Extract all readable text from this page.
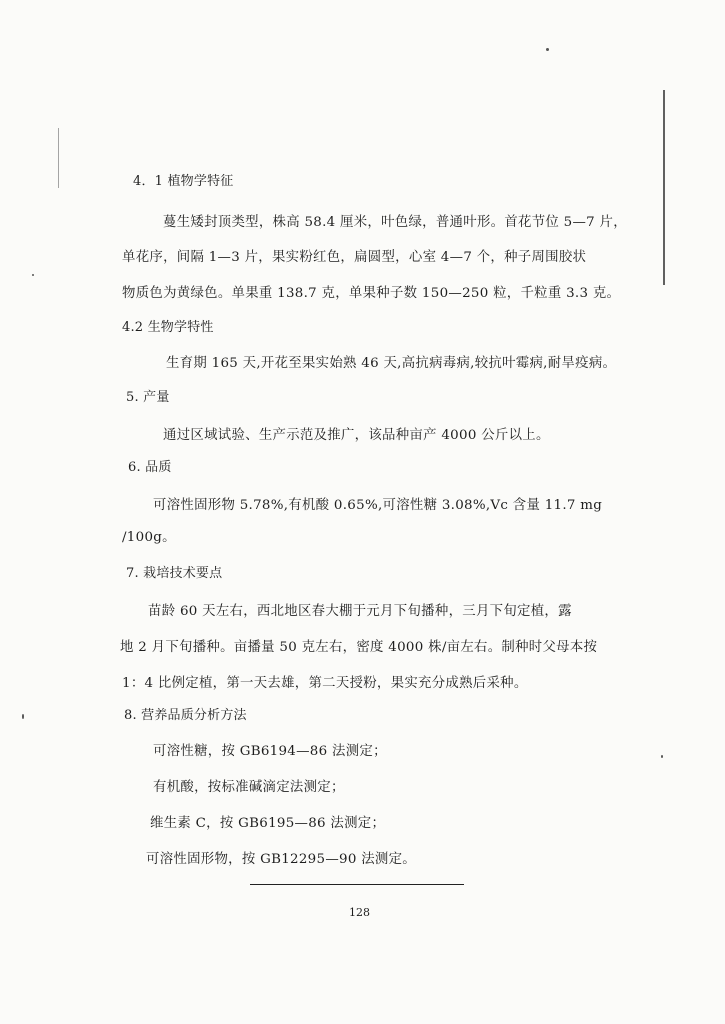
4．1 植物学特征
蔓生矮封顶类型，株高 58.4 厘米，叶色绿，普通叶形。首花节位 5—7 片，
单花序，间隔 1—3 片，果实粉红色，扁圆型，心室 4—7 个，种子周围胶状
物质色为黄绿色。单果重 138.7 克，单果种子数 150—250 粒，千粒重 3.3 克。
4.2 生物学特性
生育期 165 天,开花至果实始熟 46 天,高抗病毒病,较抗叶霉病,耐旱疫病。
5. 产量
通过区域试验、生产示范及推广，该品种亩产 4000 公斤以上。
6. 品质
可溶性固形物 5.78%,有机酸 0.65%,可溶性糖 3.08%,Vc 含量 11.7 mg
/100g。
7. 栽培技术要点
苗龄 60 天左右，西北地区春大棚于元月下旬播种，三月下旬定植，露
地 2 月下旬播种。亩播量 50 克左右，密度 4000 株/亩左右。制种时父母本按
1：4 比例定植，第一天去雄，第二天授粉，果实充分成熟后采种。
8. 营养品质分析方法
可溶性糖，按 GB6194—86 法测定；
有机酸，按标准碱滴定法测定；
维生素 C，按 GB6195—86 法测定；
可溶性固形物，按 GB12295—90 法测定。
128
